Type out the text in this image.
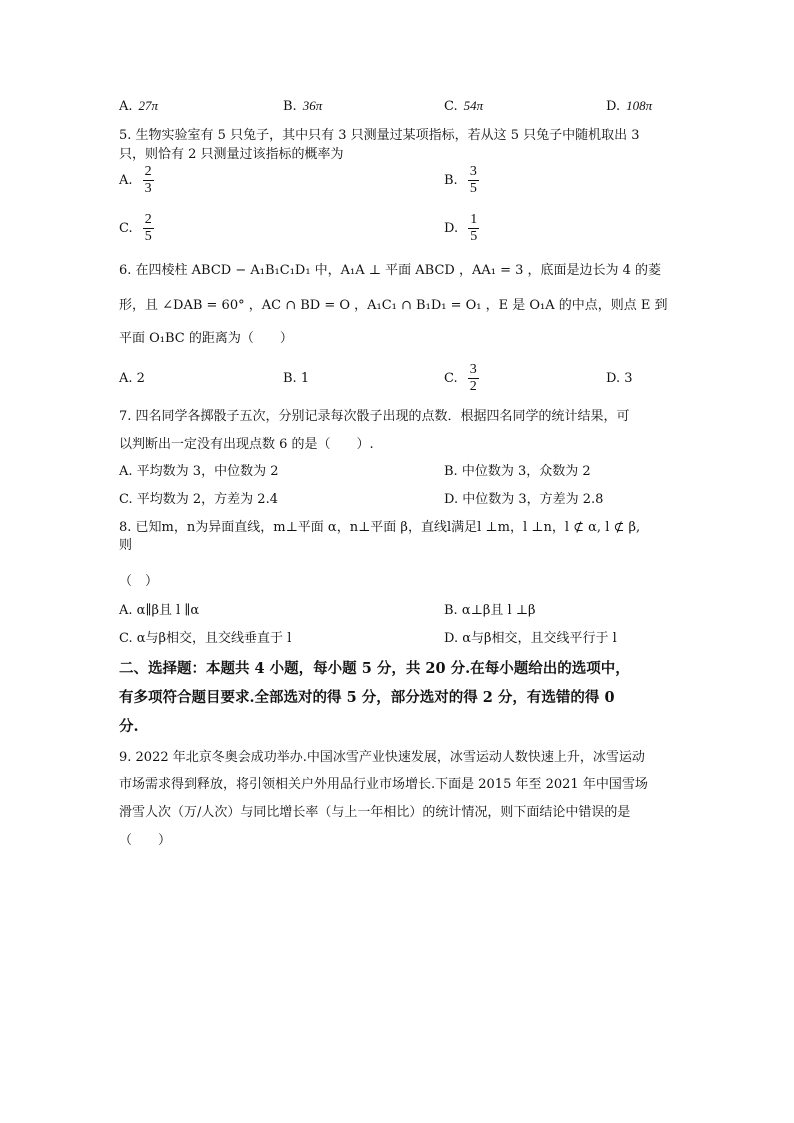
A. 27π	B. 36π	C. 54π	D. 108π
5. 生物实验室有 5 只兔子，其中只有 3 只测量过某项指标，若从这 5 只兔子中随机取出 3
只，则恰有 2 只测量过该指标的概率为
A. $\frac{2}{3}$	B. $\frac{3}{5}$
C. $\frac{2}{5}$	D. $\frac{1}{5}$
6. 在四棱柱 ABCD − A₁B₁C₁D₁ 中，A₁A ⊥ 平面 ABCD ，AA₁ = 3 ，底面是边长为 4 的菱
形，且 ∠DAB = 60° ，AC ∩ BD = O ，A₁C₁ ∩ B₁D₁ = O₁ ，E 是 O₁A 的中点，则点 E 到
平面 O₁BC 的距离为（　　）
A. 2	B. 1	C. $\frac{3}{2}$	D. 3
7. 四名同学各掷骰子五次，分别记录每次骰子出现的点数．根据四名同学的统计结果，可
以判断出一定没有出现点数 6 的是（　　）.
A. 平均数为 3，中位数为 2	B. 中位数为 3，众数为 2
C. 平均数为 2，方差为 2.4	D. 中位数为 3，方差为 2.8
8. 已知m，n为异面直线，m⊥平面 α，n⊥平面 β，直线l满足l ⊥m，l ⊥n，l ⊄ α, l ⊄ β,
则
（　）
A. α∥β且 l ∥α	B. α⊥β且 l ⊥β
C. α与β相交，且交线垂直于 l	D. α与β相交，且交线平行于 l
二、选择题：本题共 4 小题，每小题 5 分，共 20 分.在每小题给出的选项中，
有多项符合题目要求.全部选对的得 5 分，部分选对的得 2 分，有选错的得 0
分.
9. 2022 年北京冬奥会成功举办.中国冰雪产业快速发展，冰雪运动人数快速上升，冰雪运动
市场需求得到释放，将引领相关户外用品行业市场增长.下面是 2015 年至 2021 年中国雪场
滑雪人次（万/人次）与同比增长率（与上一年相比）的统计情况，则下面结论中错误的是
（　　）
